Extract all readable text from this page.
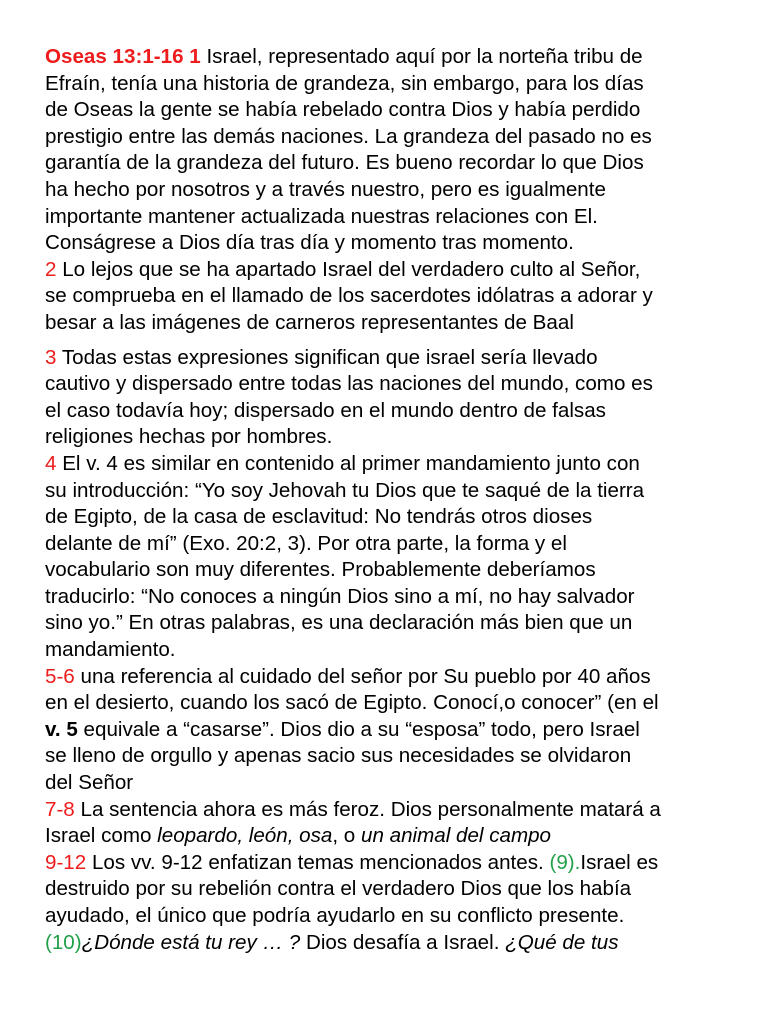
Oseas 13:1-16 1 Israel, representado aquí por la norteña tribu de
Efraín, tenía una historia de grandeza, sin embargo, para los días
de Oseas la gente se había rebelado contra Dios y había perdido
prestigio entre las demás naciones. La grandeza del pasado no es
garantía de la grandeza del futuro. Es bueno recordar lo que Dios
ha hecho por nosotros y a través nuestro, pero es igualmente
importante mantener actualizada nuestras relaciones con El.
Conságrese a Dios día tras día y momento tras momento.
2 Lo lejos que se ha apartado Israel del verdadero culto al Señor,
se comprueba en el llamado de los sacerdotes idólatras a adorar y
besar a las imágenes de carneros representantes de Baal
3 Todas estas expresiones significan que israel sería llevado
cautivo y dispersado entre todas las naciones del mundo, como es
el caso todavía hoy; dispersado en el mundo dentro de falsas
religiones hechas por hombres.
4 El v. 4 es similar en contenido al primer mandamiento junto con
su introducción: “Yo soy Jehovah tu Dios que te saqué de la tierra
de Egipto, de la casa de esclavitud: No tendrás otros dioses
delante de mí” (Exo. 20:2, 3). Por otra parte, la forma y el
vocabulario son muy diferentes. Probablemente deberíamos
traducirlo: “No conoces a ningún Dios sino a mí, no hay salvador
sino yo.” En otras palabras, es una declaración más bien que un
mandamiento.
5-6 una referencia al cuidado del señor por Su pueblo por 40 años
en el desierto, cuando los sacó de Egipto. Conocí,o conocer” (en el
v. 5 equivale a “casarse”. Dios dio a su “esposa” todo, pero Israel
se lleno de orgullo y apenas sacio sus necesidades se olvidaron
del Señor
7-8 La sentencia ahora es más feroz. Dios personalmente matará a
Israel como leopardo, león, osa, o un animal del campo
9-12 Los vv. 9-12 enfatizan temas mencionados antes. (9).Israel es
destruido por su rebelión contra el verdadero Dios que los había
ayudado, el único que podría ayudarlo en su conflicto presente.
(10)¿Dónde está tu rey … ? Dios desafía a Israel. ¿Qué de tus
